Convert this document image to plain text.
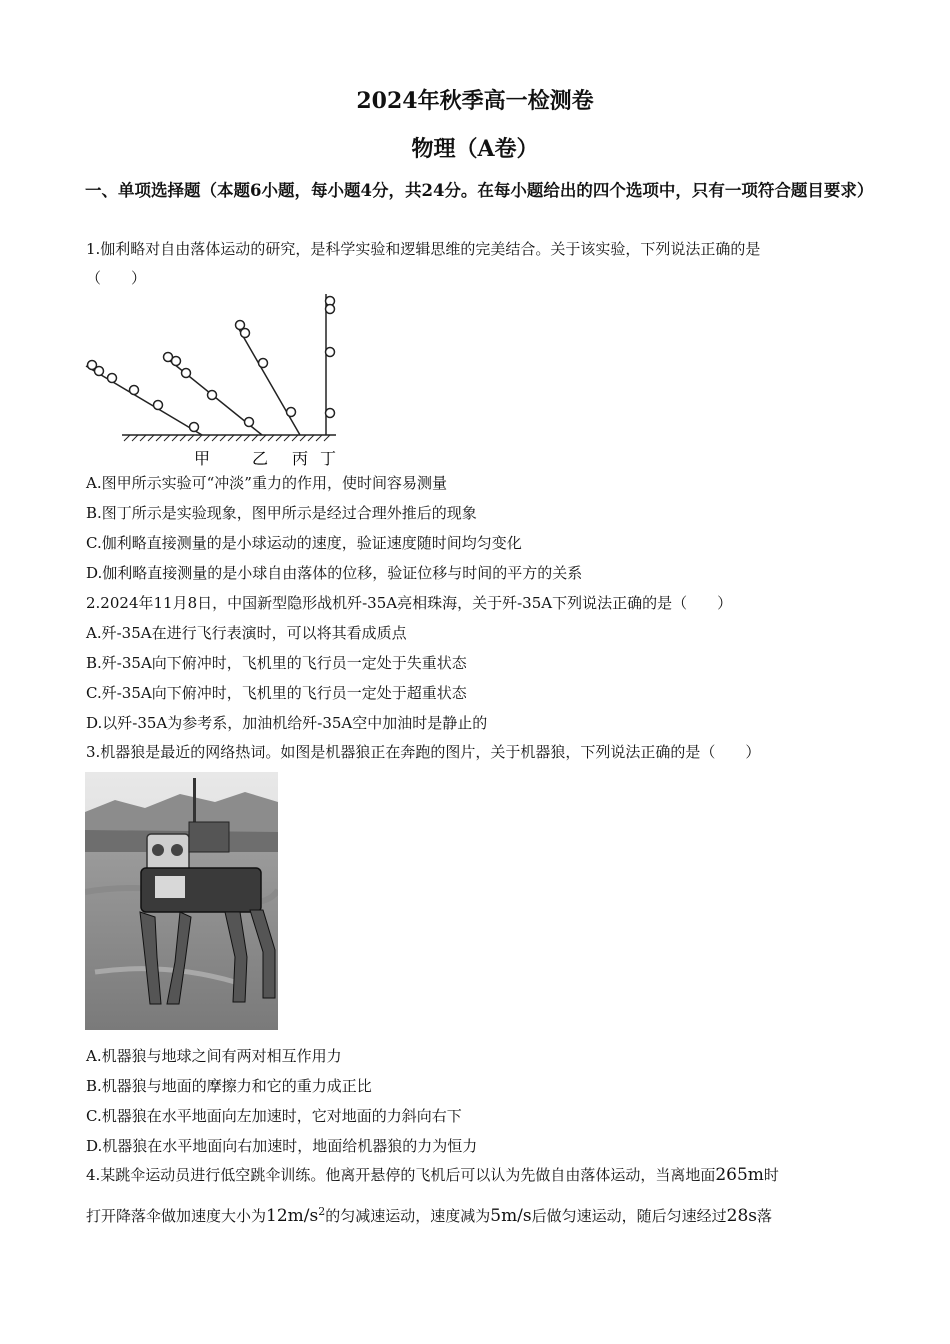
2024年秋季高一检测卷
物理（A卷）
一、单项选择题（本题6小题，每小题4分，共24分。在每小题给出的四个选项中，只有一项符合题目要求）
1.伽利略对自由落体运动的研究，是科学实验和逻辑思维的完美结合。关于该实验，下列说法正确的是
（　　）
甲	乙 丙 丁
A.图甲所示实验可“冲淡”重力的作用，使时间容易测量
B.图丁所示是实验现象，图甲所示是经过合理外推后的现象
C.伽利略直接测量的是小球运动的速度，验证速度随时间均匀变化
D.伽利略直接测量的是小球自由落体的位移，验证位移与时间的平方的关系
2.2024年11月8日，中国新型隐形战机歼-35A亮相珠海，关于歼-35A下列说法正确的是（　　）
A.歼-35A在进行飞行表演时，可以将其看成质点
B.歼-35A向下俯冲时，飞机里的飞行员一定处于失重状态
C.歼-35A向下俯冲时，飞机里的飞行员一定处于超重状态
D.以歼-35A为参考系，加油机给歼-35A空中加油时是静止的
3.机器狼是最近的网络热词。如图是机器狼正在奔跑的图片，关于机器狼，下列说法正确的是（　　）
A.机器狼与地球之间有两对相互作用力
B.机器狼与地面的摩擦力和它的重力成正比
C.机器狼在水平地面向左加速时，它对地面的力斜向右下
D.机器狼在水平地面向右加速时，地面给机器狼的力为恒力
4.某跳伞运动员进行低空跳伞训练。他离开悬停的飞机后可以认为先做自由落体运动，当离地面265m时
打开降落伞做加速度大小为$12m/s^2$的匀减速运动，速度减为5m/s后做匀速运动，随后匀速经过28s落
